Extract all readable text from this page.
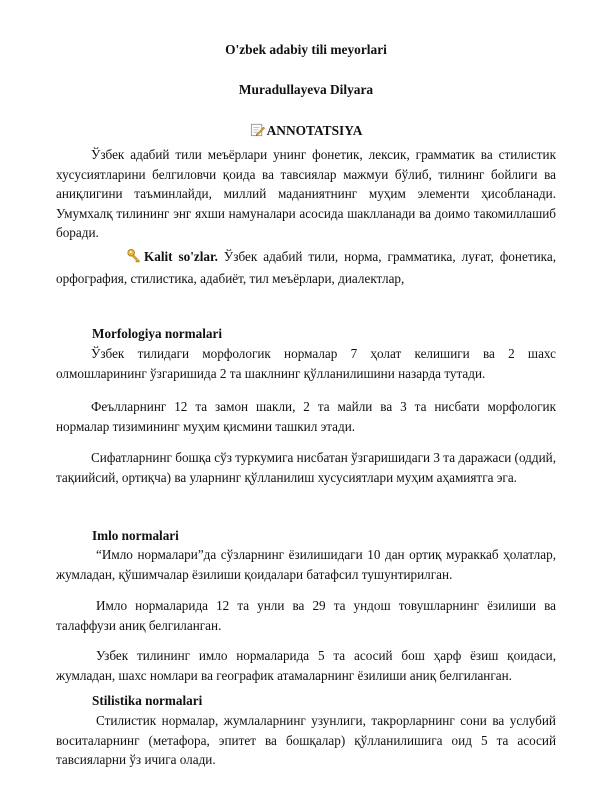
O'zbek adabiy tili meyorlari
Muradullayeva Dilyara
ANNOTATSIYA
Ўзбек адабий тили меъёрлари унинг фонетик, лексик, грамматик ва стилистик хусусиятларини белгиловчи қоида ва тавсиялар мажмуи бўлиб, тилнинг бойлиги ва аниқлигини таъминлайди, миллий маданиятнинг муҳим элементи ҳисобланади. Умумхалқ тилининг энг яхши намуналари асосида шаклланади ва доимо такомиллашиб боради.
Kalit so'zlar. Ўзбек адабий тили, норма, грамматика, луғат, фонетика, орфография, стилистика, адабиёт, тил меъёрлари, диалектлар,
Morfologiya normalari
Ўзбек тилидаги морфологик нормалар 7 ҳолат келишиги ва 2 шахс олмошларининг ўзгаришида 2 та шаклнинг қўлланилишини назарда тутади.
Феълларнинг 12 та замон шакли, 2 та майли ва 3 та нисбати морфологик нормалар тизимининг муҳим қисмини ташкил этади.
Сифатларнинг бошқа сўз туркумига нисбатан ўзгаришидаги 3 та даражаси (оддий, тақиийсий, ортиқча) ва уларнинг қўлланилиш хусусиятлари муҳим аҳамиятга эга.
Imlo normalari
“Имло нормалари”да сўзларнинг ёзилишидаги 10 дан ортиқ мураккаб ҳолатлар, жумладан, қўшимчалар ёзилиши қоидалари батафсил тушунтирилган.
Имло нормаларида 12 та унли ва 29 та ундош товушларнинг ёзилиши ва талаффузи аниқ белгиланган.
Узбек тилининг имло нормаларида 5 та асосий бош ҳарф ёзиш қоидаси, жумладан, шахс номлари ва географик атамаларнинг ёзилиши аниқ белгиланган.
Stilistika normalari
Стилистик нормалар, жумлаларнинг узунлиги, такрорларнинг сони ва услубий воситаларнинг (метафора, эпитет ва бошқалар) қўлланилишига оид 5 та асосий тавсияларни ўз ичига олади.
